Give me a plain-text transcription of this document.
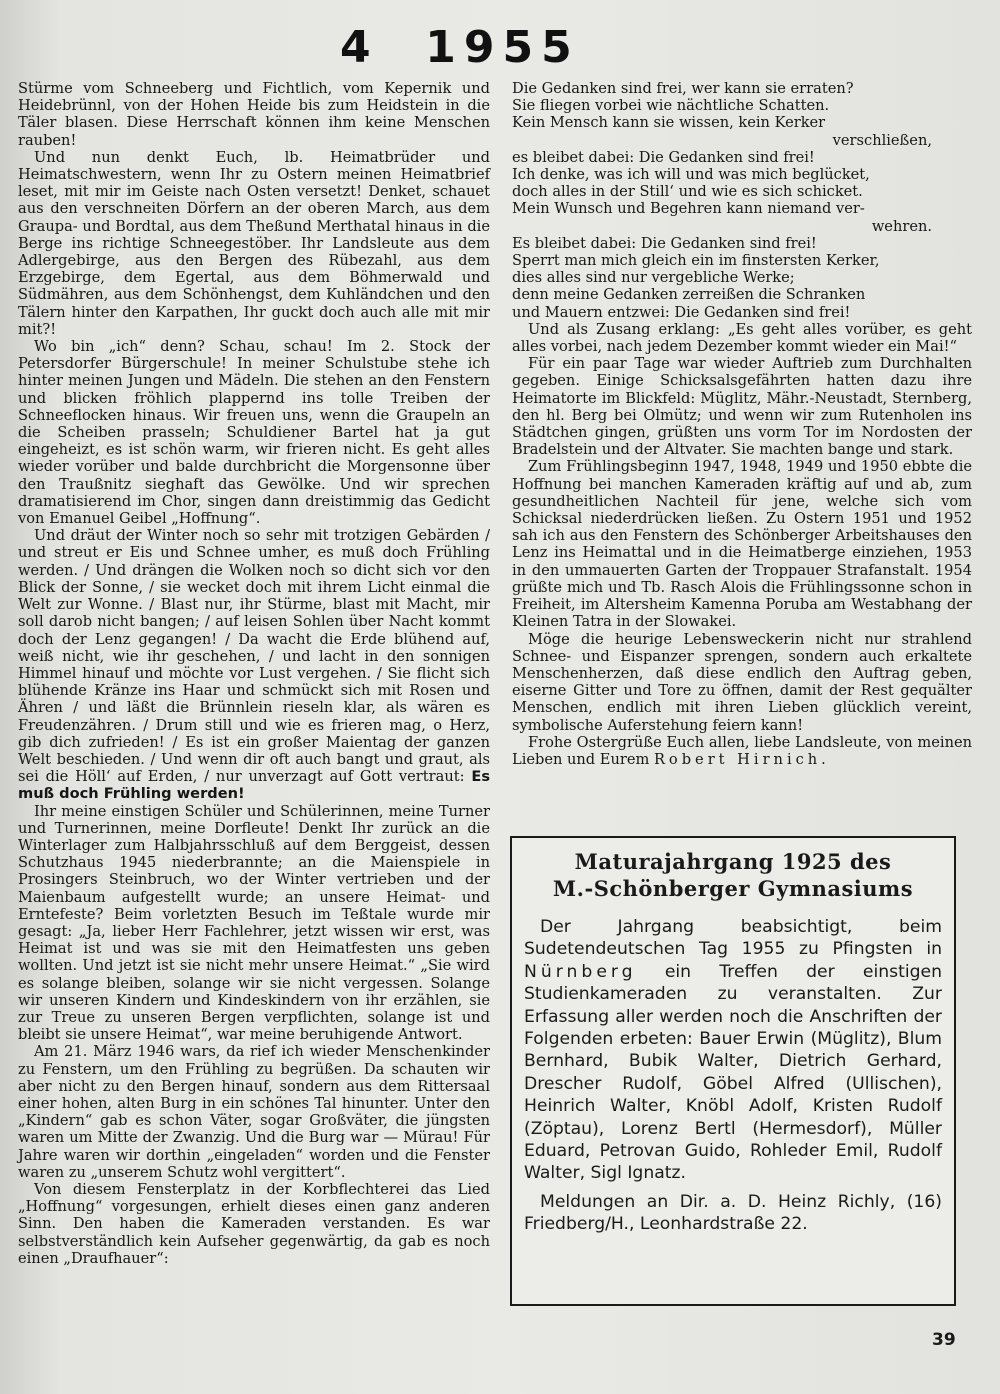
4 1955

Stürme vom Schneeberg und Fichtlich, vom Kepernik und Heidebrünnl, von der Hohen Heide bis zum Heidstein in die Täler blasen. Diese Herrschaft können ihm keine Menschen rauben!

Und nun denkt Euch, lb. Heimatbrüder und Heimatschwestern, wenn Ihr zu Ostern meinen Heimatbrief leset, mit mir im Geiste nach Osten versetzt! Denket, schauet aus den verschneiten Dörfern an der oberen March, aus dem Graupa- und Bordtal, aus dem Theßund Merthatal hinaus in die Berge ins richtige Schneegestöber. Ihr Landsleute aus dem Adlergebirge, aus den Bergen des Rübezahl, aus dem Erzgebirge, dem Egertal, aus dem Böhmerwald und Südmähren, aus dem Schönhengst, dem Kuhländchen und den Tälern hinter den Karpathen, Ihr guckt doch auch alle mit mir mit?!

Wo bin „ich“ denn? Schau, schau! Im 2. Stock der Petersdorfer Bürgerschule! In meiner Schulstube stehe ich hinter meinen Jungen und Mädeln. Die stehen an den Fenstern und blicken fröhlich plappernd ins tolle Treiben der Schneeflocken hinaus. Wir freuen uns, wenn die Graupeln an die Scheiben prasseln; Schuldiener Bartel hat ja gut eingeheizt, es ist schön warm, wir frieren nicht. Es geht alles wieder vorüber und balde durchbricht die Morgensonne über den Traußnitz sieghaft das Gewölke. Und wir sprechen dramatisierend im Chor, singen dann dreistimmig das Gedicht von Emanuel Geibel „Hoffnung“.

Und dräut der Winter noch so sehr mit trotzigen Gebärden / und streut er Eis und Schnee umher, es muß doch Frühling werden. / Und drängen die Wolken noch so dicht sich vor den Blick der Sonne, / sie wecket doch mit ihrem Licht einmal die Welt zur Wonne. / Blast nur, ihr Stürme, blast mit Macht, mir soll darob nicht bangen; / auf leisen Sohlen über Nacht kommt doch der Lenz gegangen! / Da wacht die Erde blühend auf, weiß nicht, wie ihr geschehen, / und lacht in den sonnigen Himmel hinauf und möchte vor Lust vergehen. / Sie flicht sich blühende Kränze ins Haar und schmückt sich mit Rosen und Ähren / und läßt die Brünnlein rieseln klar, als wären es Freudenzähren. / Drum still und wie es frieren mag, o Herz, gib dich zufrieden! / Es ist ein großer Maientag der ganzen Welt beschieden. / Und wenn dir oft auch bangt und graut, als sei die Höll‘ auf Erden, / nur unverzagt auf Gott vertraut: Es muß doch Frühling werden!

Ihr meine einstigen Schüler und Schülerinnen, meine Turner und Turnerinnen, meine Dorfleute! Denkt Ihr zurück an die Winterlager zum Halbjahrsschluß auf dem Berggeist, dessen Schutzhaus 1945 niederbrannte; an die Maienspiele in Prosingers Steinbruch, wo der Winter vertrieben und der Maienbaum aufgestellt wurde; an unsere Heimat- und Erntefeste? Beim vorletzten Besuch im Teßtale wurde mir gesagt: „Ja, lieber Herr Fachlehrer, jetzt wissen wir erst, was Heimat ist und was sie mit den Heimatfesten uns geben wollten. Und jetzt ist sie nicht mehr unsere Heimat.“ „Sie wird es solange bleiben, solange wir sie nicht vergessen. Solange wir unseren Kindern und Kindeskindern von ihr erzählen, sie zur Treue zu unseren Bergen verpflichten, solange ist und bleibt sie unsere Heimat“, war meine beruhigende Antwort.

Am 21. März 1946 wars, da rief ich wieder Menschenkinder zu Fenstern, um den Frühling zu begrüßen. Da schauten wir aber nicht zu den Bergen hinauf, sondern aus dem Rittersaal einer hohen, alten Burg in ein schönes Tal hinunter. Unter den „Kindern“ gab es schon Väter, sogar Großväter, die jüngsten waren um Mitte der Zwanzig. Und die Burg war — Mürau! Für Jahre waren wir dorthin „eingeladen“ worden und die Fenster waren zu „unserem Schutz wohl vergittert“.

Von diesem Fensterplatz in der Korbflechterei das Lied „Hoffnung“ vorgesungen, erhielt dieses einen ganz anderen Sinn. Den haben die Kameraden verstanden. Es war selbstverständlich kein Aufseher gegenwärtig, da gab es noch einen „Draufhauer“:

Die Gedanken sind frei, wer kann sie erraten?
Sie fliegen vorbei wie nächtliche Schatten.
Kein Mensch kann sie wissen, kein Kerker
verschließen,
es bleibet dabei: Die Gedanken sind frei!
Ich denke, was ich will und was mich beglücket,
doch alles in der Still‘ und wie es sich schicket.
Mein Wunsch und Begehren kann niemand ver-
wehren.
Es bleibet dabei: Die Gedanken sind frei!
Sperrt man mich gleich ein im finstersten Kerker,
dies alles sind nur vergebliche Werke;
denn meine Gedanken zerreißen die Schranken
und Mauern entzwei: Die Gedanken sind frei!

Und als Zusang erklang: „Es geht alles vorüber, es geht alles vorbei, nach jedem Dezember kommt wieder ein Mai!“

Für ein paar Tage war wieder Auftrieb zum Durchhalten gegeben. Einige Schicksalsgefährten hatten dazu ihre Heimatorte im Blickfeld: Müglitz, Mähr.-Neustadt, Sternberg, den hl. Berg bei Olmütz; und wenn wir zum Rutenholen ins Städtchen gingen, grüßten uns vorm Tor im Nordosten der Bradelstein und der Altvater. Sie machten bange und stark.

Zum Frühlingsbeginn 1947, 1948, 1949 und 1950 ebbte die Hoffnung bei manchen Kameraden kräftig auf und ab, zum gesundheitlichen Nachteil für jene, welche sich vom Schicksal niederdrücken ließen. Zu Ostern 1951 und 1952 sah ich aus den Fenstern des Schönberger Arbeitshauses den Lenz ins Heimattal und in die Heimatberge einziehen, 1953 in den ummauerten Garten der Troppauer Strafanstalt. 1954 grüßte mich und Tb. Rasch Alois die Frühlingssonne schon in Freiheit, im Altersheim Kamenna Poruba am Westabhang der Kleinen Tatra in der Slowakei.

Möge die heurige Lebensweckerin nicht nur strahlend Schnee- und Eispanzer sprengen, sondern auch erkaltete Menschenherzen, daß diese endlich den Auftrag geben, eiserne Gitter und Tore zu öffnen, damit der Rest gequälter Menschen, endlich mit ihren Lieben glücklich vereint, symbolische Auferstehung feiern kann!

Frohe Ostergrüße Euch allen, liebe Landsleute, von meinen Lieben und Eurem Robert Hirnich.

Maturajahrgang 1925 des
M.-Schönberger Gymnasiums

Der Jahrgang beabsichtigt, beim Sudetendeutschen Tag 1955 zu Pfingsten in Nürnberg ein Treffen der einstigen Studienkameraden zu veranstalten. Zur Erfassung aller werden noch die Anschriften der Folgenden erbeten: Bauer Erwin (Müglitz), Blum Bernhard, Bubik Walter, Dietrich Gerhard, Drescher Rudolf, Göbel Alfred (Ullischen), Heinrich Walter, Knöbl Adolf, Kristen Rudolf (Zöptau), Lorenz Bertl (Hermesdorf), Müller Eduard, Petrovan Guido, Rohleder Emil, Rudolf Walter, Sigl Ignatz.

Meldungen an Dir. a. D. Heinz Richly, (16) Friedberg/H., Leonhardstraße 22.

39
